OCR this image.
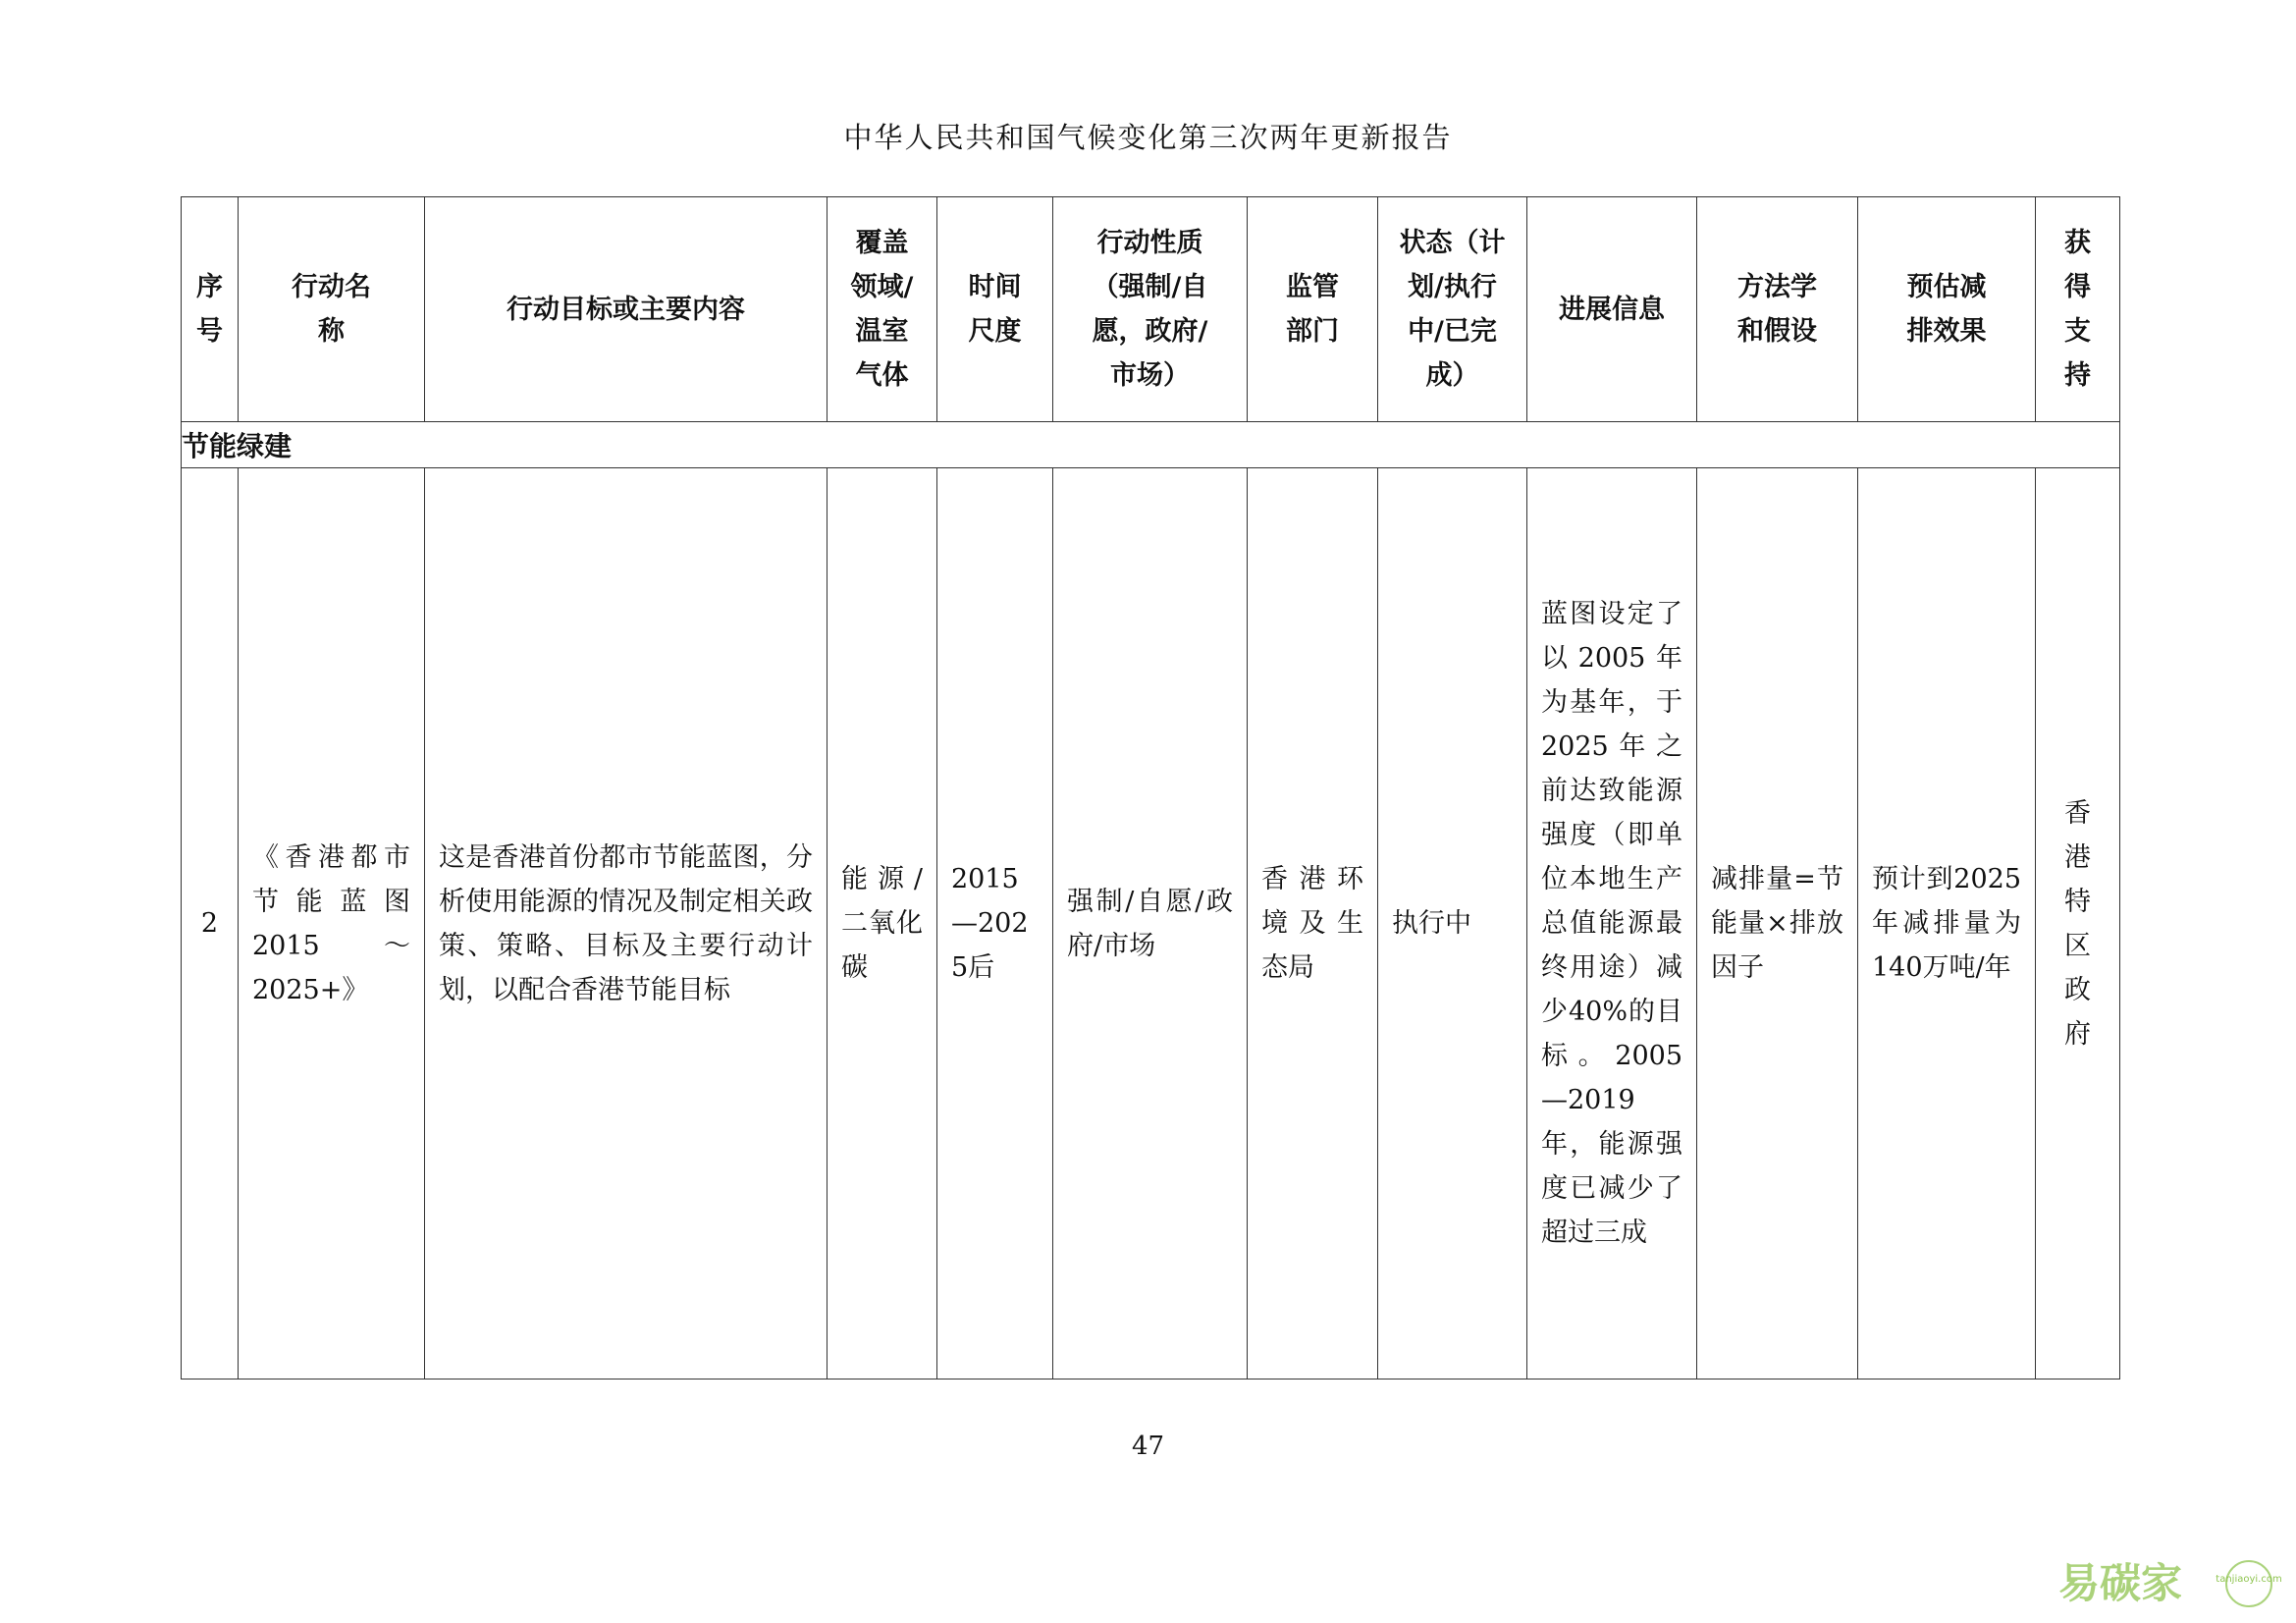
中华人民共和国气候变化第三次两年更新报告
序号	行动名称	行动目标或主要内容	覆盖领域/温室气体	时间尺度	行动性质（强制/自愿，政府/市场）	监管部门	状态（计划/执行中/已完成）	进展信息	方法学和假设	预估减排效果	获得支持

节能绿建											
2	《香港都市节能蓝图2015～2025+》	这是香港首份都市节能蓝图，分析使用能源的情况及制定相关政策、策略、目标及主要行动计划，以配合香港节能目标	能源/二氧化碳	2015—2025后	强制/自愿/政府/市场	香港环境及生态局	执行中	蓝图设定了以2005年为基年，于2025年之前达致能源强度（即单位本地生产总值能源最终用途）减少40%的目标。2005—2019年，能源强度已减少了超过三成	减排量=节能量×排放因子	预计到2025年减排量为140万吨/年	香港特区政府
47
易碳家	tanjiaoyi.com
